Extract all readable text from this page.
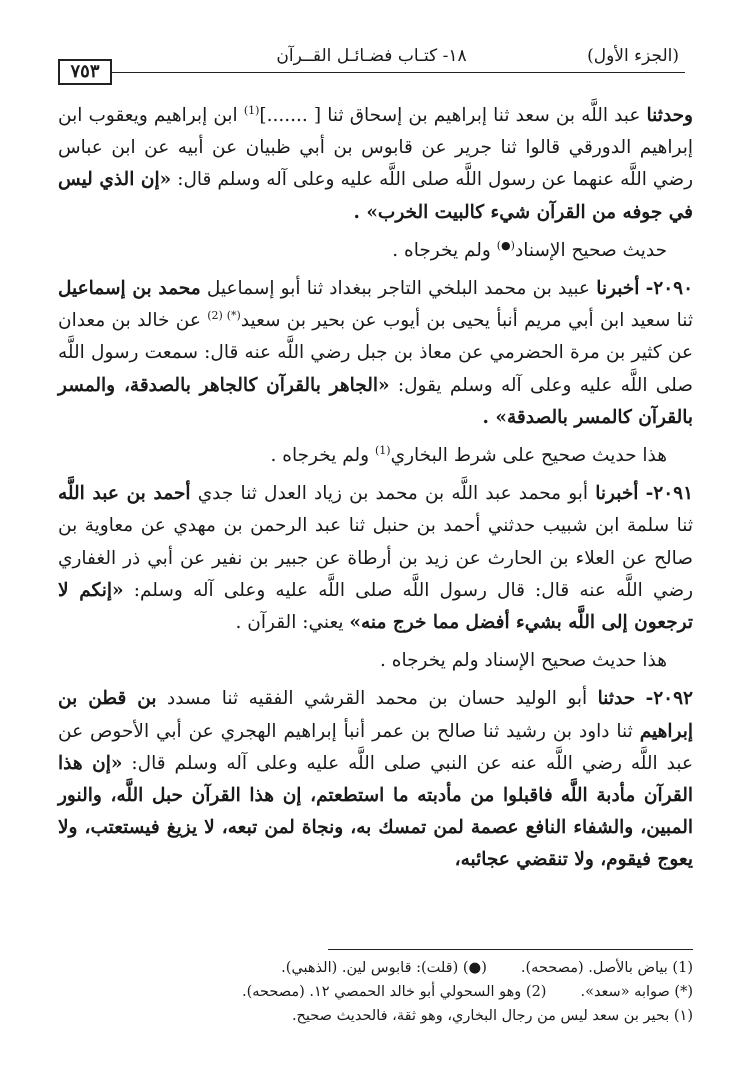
(الجزء الأول)
١٨- كتـاب فضـائـل القــرآن
٧٥٣

وحدثنا عبد اللَّه بن سعد ثنا إبراهيم بن إسحاق ثنا [ .......]$^{(1)}$ ابن إبراهيم ويعقوب ابن إبراهيم الدورقي قالوا ثنا جرير عن قابوس بن أبي ظبيان عن أبيه عن ابن عباس رضي اللَّه عنهما عن رسول اللَّه صلى اللَّه عليه وعلى آله وسلم قال: «إن الذي ليس في جوفه من القرآن شيء كالبيت الخرب» .

حديث صحيح الإسناد(●) ولم يخرجاه .

٢٠٩٠- أخبرنا عبيد بن محمد البلخي التاجر ببغداد ثنا أبو إسماعيل محمد بن إسماعيل ثنا سعيد ابن أبي مريم أنبأ يحيى بن أيوب عن بحير بن سعيد$^{(*) (2)}$ عن خالد بن معدان عن كثير بن مرة الحضرمي عن معاذ بن جبل رضي اللَّه عنه قال: سمعت رسول اللَّه صلى اللَّه عليه وعلى آله وسلم يقول: «الجاهر بالقرآن كالجاهر بالصدقة، والمسر بالقرآن كالمسر بالصدقة» .

هذا حديث صحيح على شرط البخاري$^{(1)}$ ولم يخرجاه .

٢٠٩١- أخبرنا أبو محمد عبد اللَّه بن محمد بن زياد العدل ثنا جدي أحمد بن عبد اللَّه ثنا سلمة ابن شبيب حدثني أحمد بن حنبل ثنا عبد الرحمن بن مهدي عن معاوية بن صالح عن العلاء بن الحارث عن زيد بن أرطاة عن جبير بن نفير عن أبي ذر الغفاري رضي اللَّه عنه قال: قال رسول اللَّه صلى اللَّه عليه وعلى آله وسلم: «إنكم لا ترجعون إلى اللَّه بشيء أفضل مما خرج منه» يعني: القرآن .

هذا حديث صحيح الإسناد ولم يخرجاه .

٢٠٩٢- حدثنا أبو الوليد حسان بن محمد القرشي الفقيه ثنا مسدد بن قطن بن إبراهيم ثنا داود بن رشيد ثنا صالح بن عمر أنبأ إبراهيم الهجري عن أبي الأحوص عن عبد اللَّه رضي اللَّه عنه عن النبي صلى اللَّه عليه وعلى آله وسلم قال: «إن هذا القرآن مأدبة اللَّه فاقبلوا من مأدبته ما استطعتم، إن هذا القرآن حبل اللَّه، والنور المبين، والشفاء النافع عصمة لمن تمسك به، ونجاة لمن تبعه، لا يزيغ فيستعتب، ولا يعوج فيقوم، ولا تنقضي عجائبه،

(1) بياض بالأصل. (مصححه).(●) (قلت): قابوس لين. (الذهبي).
(*) صوابه «سعد».(2) وهو السحولي أبو خالد الحمصي ١٢. (مصححه).
(١) بحير بن سعد ليس من رجال البخاري، وهو ثقة، فالحديث صحيح.
